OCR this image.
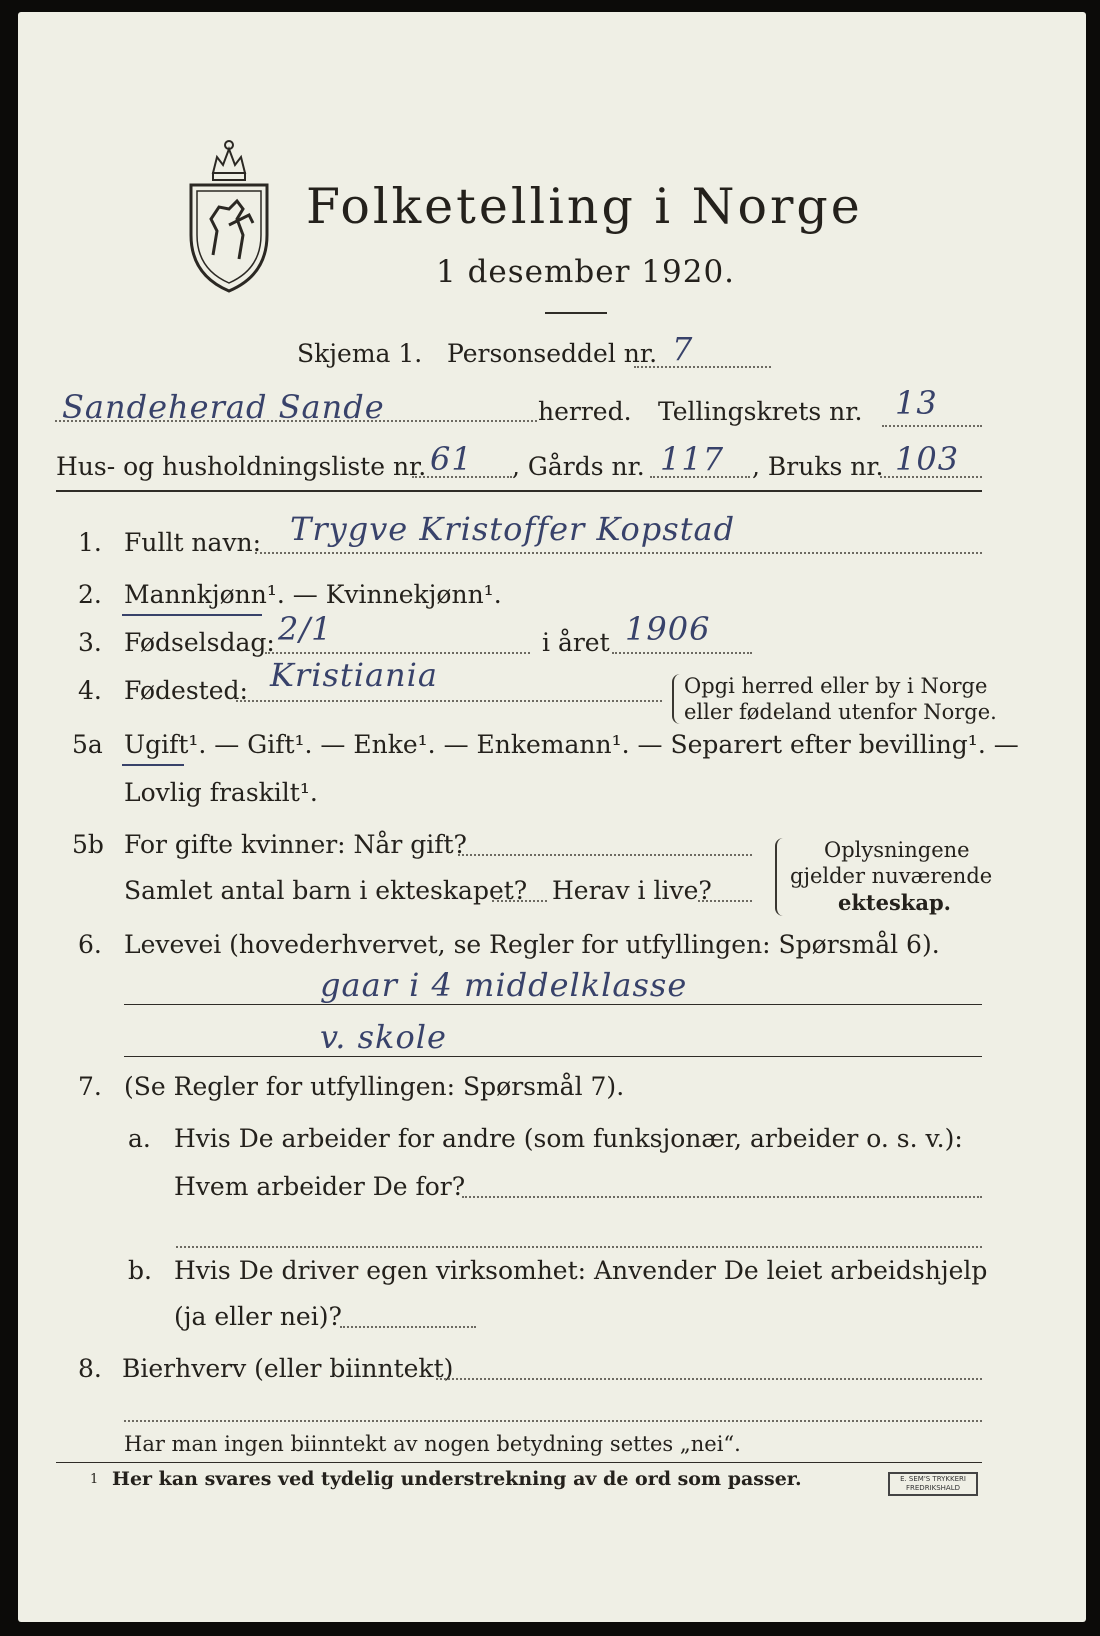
Folketelling i Norge
1 desember 1920.
Skjema 1. Personseddel nr. 7
Sandeherad Sande	herred. Tellingskrets nr. 13
Hus- og husholdningsliste nr. 61 , Gårds nr. 117 , Bruks nr. 103
1. Fullt navn: Trygve Kristoffer Kopstad
2. Mannkjønn¹. — Kvinnekjønn¹.
3. Fødselsdag: 2/1	i året 1906
4. Fødested: Kristiania	Opgi herred eller by i Norge
eller fødeland utenfor Norge.
5a Ugift¹. — Gift¹. — Enke¹. — Enkemann¹. — Separert efter bevilling¹. —
Lovlig fraskilt¹.
5b For gifte kvinner: Når gift?
Samlet antal barn i ekteskapet? Herav i live?
Oplysningene
gjelder nuværende
ekteskap.
6. Levevei (hovederhvervet, se Regler for utfyllingen: Spørsmål 6).
gaar i 4 middelklasse
v. skole
7. (Se Regler for utfyllingen: Spørsmål 7).
a. Hvis De arbeider for andre (som funksjonær, arbeider o. s. v.):
Hvem arbeider De for?
b. Hvis De driver egen virksomhet: Anvender De leiet arbeidshjelp
(ja eller nei)?
8. Bierhverv (eller biinntekt)
Har man ingen biinntekt av nogen betydning settes „nei“.
1 Her kan svares ved tydelig understrekning av de ord som passer.	E. SEM'S TRYKKERI
FREDRIKSHALD
